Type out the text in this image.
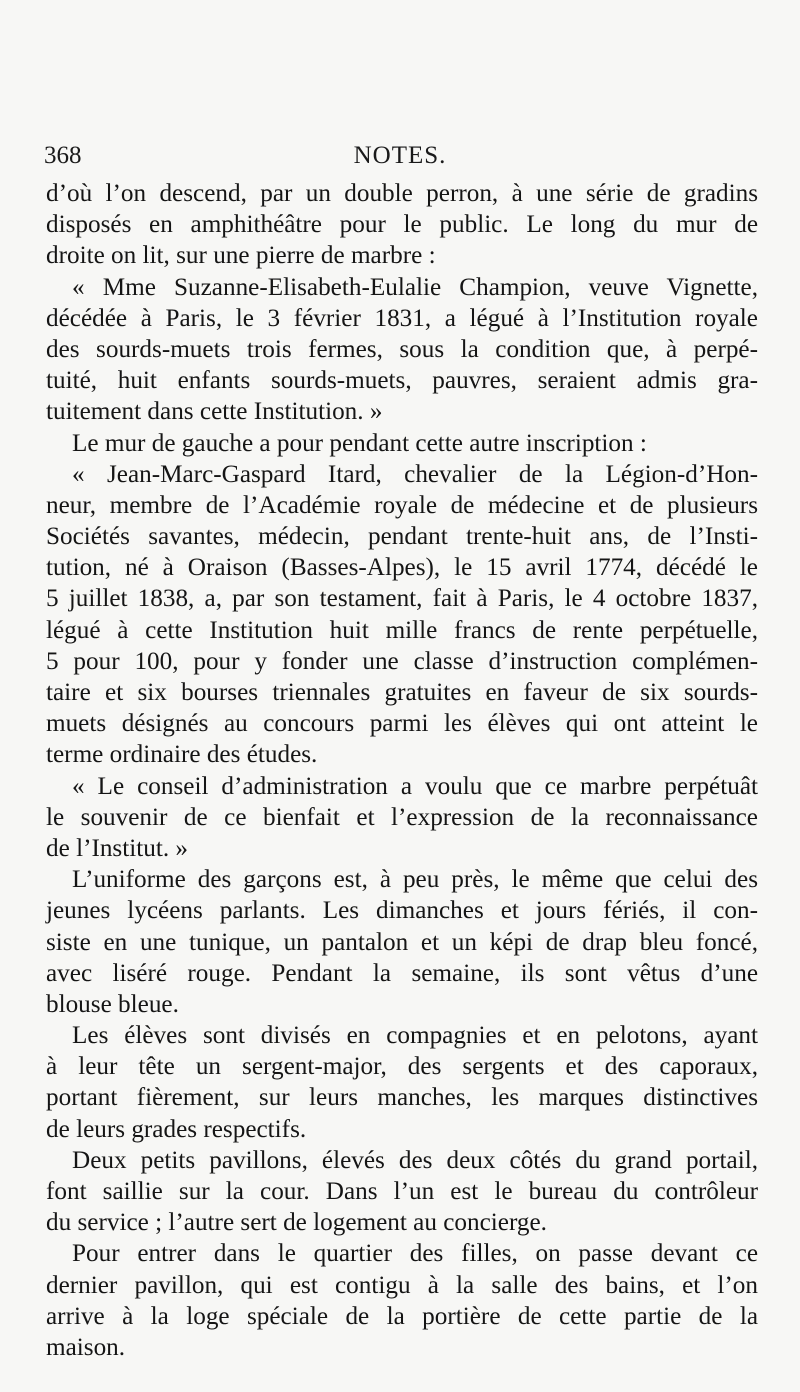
368	NOTES.
d’où l’on descend, par un double perron, à une série de gradins
disposés en amphithéâtre pour le public. Le long du mur de
droite on lit, sur une pierre de marbre :
« Mme Suzanne-Elisabeth-Eulalie Champion, veuve Vignette,
décédée à Paris, le 3 février 1831, a légué à l’Institution royale
des sourds-muets trois fermes, sous la condition que, à perpé-
tuité, huit enfants sourds-muets, pauvres, seraient admis gra-
tuitement dans cette Institution. »
Le mur de gauche a pour pendant cette autre inscription :
« Jean-Marc-Gaspard Itard, chevalier de la Légion-d’Hon-
neur, membre de l’Académie royale de médecine et de plusieurs
Sociétés savantes, médecin, pendant trente-huit ans, de l’Insti-
tution, né à Oraison (Basses-Alpes), le 15 avril 1774, décédé le
5 juillet 1838, a, par son testament, fait à Paris, le 4 octobre 1837,
légué à cette Institution huit mille francs de rente perpétuelle,
5 pour 100, pour y fonder une classe d’instruction complémen-
taire et six bourses triennales gratuites en faveur de six sourds-
muets désignés au concours parmi les élèves qui ont atteint le
terme ordinaire des études.
« Le conseil d’administration a voulu que ce marbre perpétuât
le souvenir de ce bienfait et l’expression de la reconnaissance
de l’Institut. »
L’uniforme des garçons est, à peu près, le même que celui des
jeunes lycéens parlants. Les dimanches et jours fériés, il con-
siste en une tunique, un pantalon et un képi de drap bleu foncé,
avec liséré rouge. Pendant la semaine, ils sont vêtus d’une
blouse bleue.
Les élèves sont divisés en compagnies et en pelotons, ayant
à leur tête un sergent-major, des sergents et des caporaux,
portant fièrement, sur leurs manches, les marques distinctives
de leurs grades respectifs.
Deux petits pavillons, élevés des deux côtés du grand portail,
font saillie sur la cour. Dans l’un est le bureau du contrôleur
du service ; l’autre sert de logement au concierge.
Pour entrer dans le quartier des filles, on passe devant ce
dernier pavillon, qui est contigu à la salle des bains, et l’on
arrive à la loge spéciale de la portière de cette partie de la
maison.
